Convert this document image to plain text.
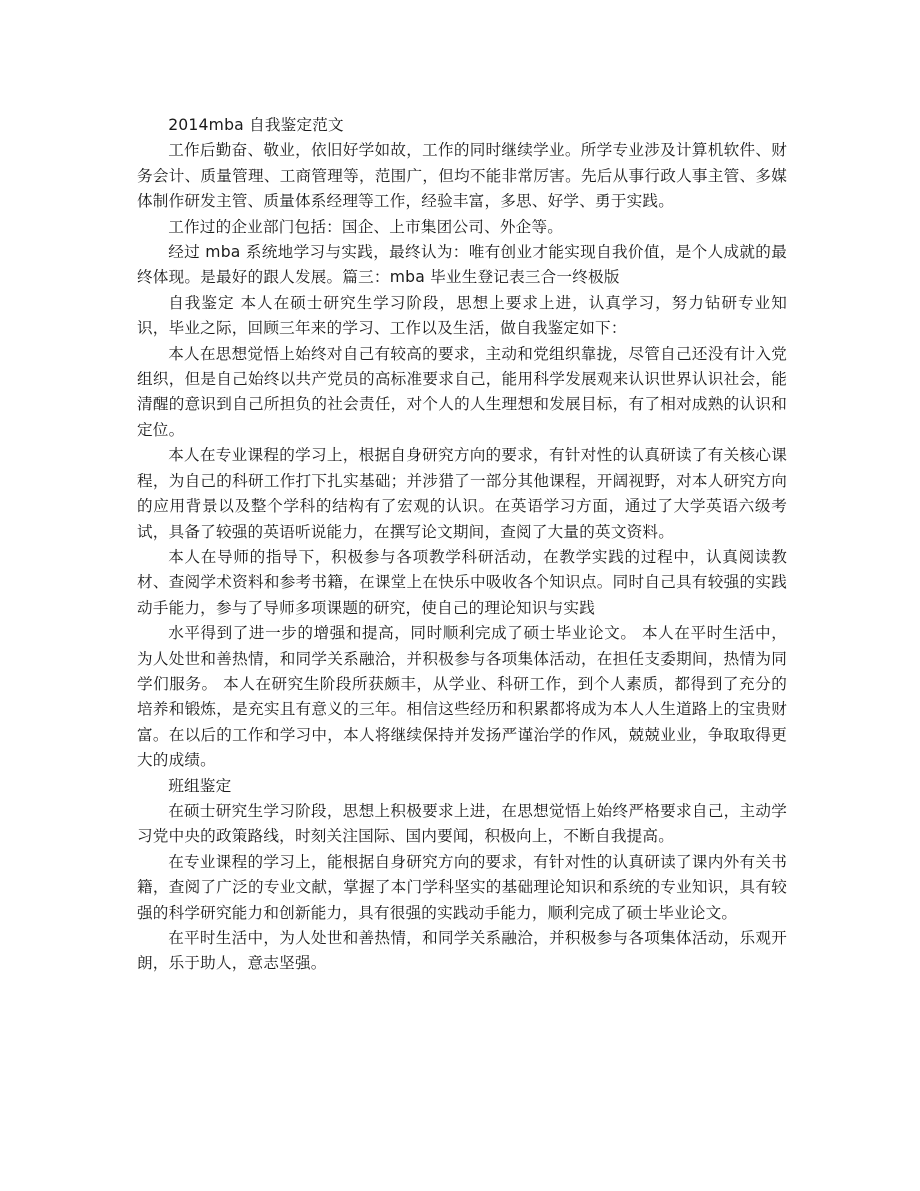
2014mba 自我鉴定范文

工作后勤奋、敬业，依旧好学如故，工作的同时继续学业。所学专业涉及计算机软件、财务会计、质量管理、工商管理等，范围广，但均不能非常厉害。先后从事行政人事主管、多媒体制作研发主管、质量体系经理等工作，经验丰富，多思、好学、勇于实践。

工作过的企业部门包括：国企、上市集团公司、外企等。

经过 mba 系统地学习与实践，最终认为：唯有创业才能实现自我价值，是个人成就的最终体现。是最好的跟人发展。篇三：mba 毕业生登记表三合一终极版

自我鉴定 本人在硕士研究生学习阶段，思想上要求上进，认真学习，努力钻研专业知识，毕业之际，回顾三年来的学习、工作以及生活，做自我鉴定如下：

本人在思想觉悟上始终对自己有较高的要求，主动和党组织靠拢，尽管自己还没有计入党组织，但是自己始终以共产党员的高标准要求自己，能用科学发展观来认识世界认识社会，能清醒的意识到自己所担负的社会责任，对个人的人生理想和发展目标，有了相对成熟的认识和定位。

本人在专业课程的学习上，根据自身研究方向的要求，有针对性的认真研读了有关核心课程，为自己的科研工作打下扎实基础；并涉猎了一部分其他课程，开阔视野，对本人研究方向的应用背景以及整个学科的结构有了宏观的认识。在英语学习方面，通过了大学英语六级考试，具备了较强的英语听说能力，在撰写论文期间，查阅了大量的英文资料。

本人在导师的指导下，积极参与各项教学科研活动，在教学实践的过程中，认真阅读教材、查阅学术资料和参考书籍，在课堂上在快乐中吸收各个知识点。同时自己具有较强的实践动手能力，参与了导师多项课题的研究，使自己的理论知识与实践

水平得到了进一步的增强和提高，同时顺利完成了硕士毕业论文。 本人在平时生活中，为人处世和善热情，和同学关系融洽，并积极参与各项集体活动，在担任支委期间，热情为同学们服务。 本人在研究生阶段所获颇丰，从学业、科研工作，到个人素质，都得到了充分的培养和锻炼，是充实且有意义的三年。相信这些经历和积累都将成为本人人生道路上的宝贵财富。在以后的工作和学习中，本人将继续保持并发扬严谨治学的作风，兢兢业业，争取取得更大的成绩。

班组鉴定

在硕士研究生学习阶段，思想上积极要求上进，在思想觉悟上始终严格要求自己，主动学习党中央的政策路线，时刻关注国际、国内要闻，积极向上，不断自我提高。

在专业课程的学习上，能根据自身研究方向的要求，有针对性的认真研读了课内外有关书籍，查阅了广泛的专业文献，掌握了本门学科坚实的基础理论知识和系统的专业知识，具有较强的科学研究能力和创新能力，具有很强的实践动手能力，顺利完成了硕士毕业论文。

在平时生活中，为人处世和善热情，和同学关系融洽，并积极参与各项集体活动，乐观开朗，乐于助人，意志坚强。
